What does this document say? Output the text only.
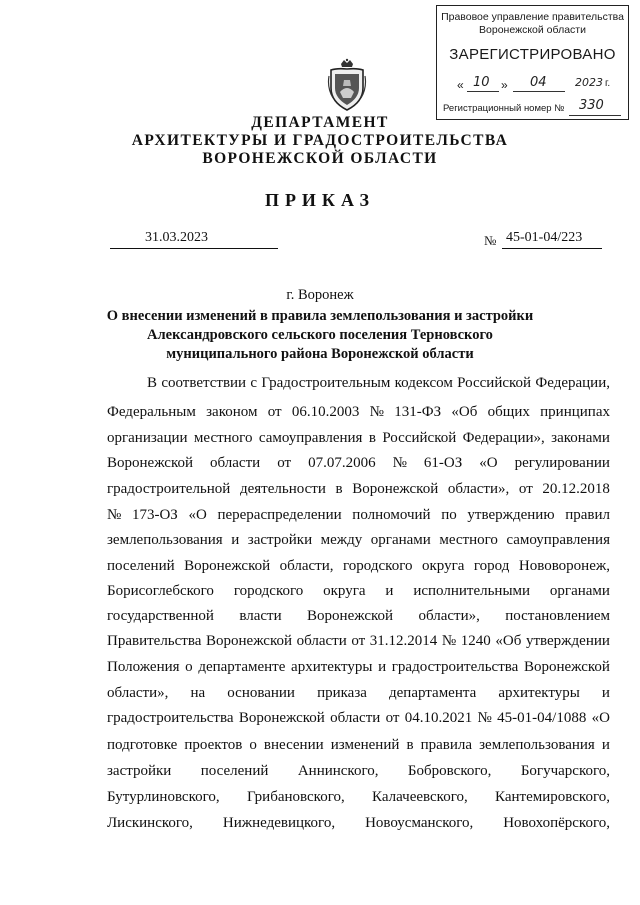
Правовое управление правительства
Воронежской области
ЗАРЕГИСТРИРОВАНО
« 10 » 04	2023 г.
Регистрационный номер № 330
ДЕПАРТАМЕНТ
АРХИТЕКТУРЫ И ГРАДОСТРОИТЕЛЬСТВА
ВОРОНЕЖСКОЙ ОБЛАСТИ
ПРИКАЗ
31.03.2023	№ 45-01-04/223
г. Воронеж
О внесении изменений в правила землепользования и застройки
Александровского сельского поселения Терновского
муниципального района Воронежской области
В соответствии с Градостроительным кодексом Российской Федерации,
Федеральным законом от 06.10.2003 № 131-ФЗ «Об общих принципах
организации местного самоуправления в Российской Федерации», законами
Воронежской области от 07.07.2006 № 61-ОЗ «О регулировании
градостроительной деятельности в Воронежской области», от 20.12.2018
№ 173-ОЗ «О перераспределении полномочий по утверждению правил
землепользования и застройки между органами местного самоуправления
поселений Воронежской области, городского округа город Нововоронеж,
Борисоглебского городского округа и исполнительными органами
государственной власти Воронежской области», постановлением
Правительства Воронежской области от 31.12.2014 № 1240 «Об утверждении
Положения о департаменте архитектуры и градостроительства Воронежской
области», на основании приказа департамента архитектуры и
градостроительства Воронежской области от 04.10.2021 № 45-01-04/1088 «О
подготовке проектов о внесении изменений в правила землепользования и
застройки поселений Аннинского, Бобровского, Богучарского,
Бутурлиновского, Грибановского, Калачеевского, Кантемировского,
Лискинского, Нижнедевицкого, Новоусманского, Новохопёрского,
